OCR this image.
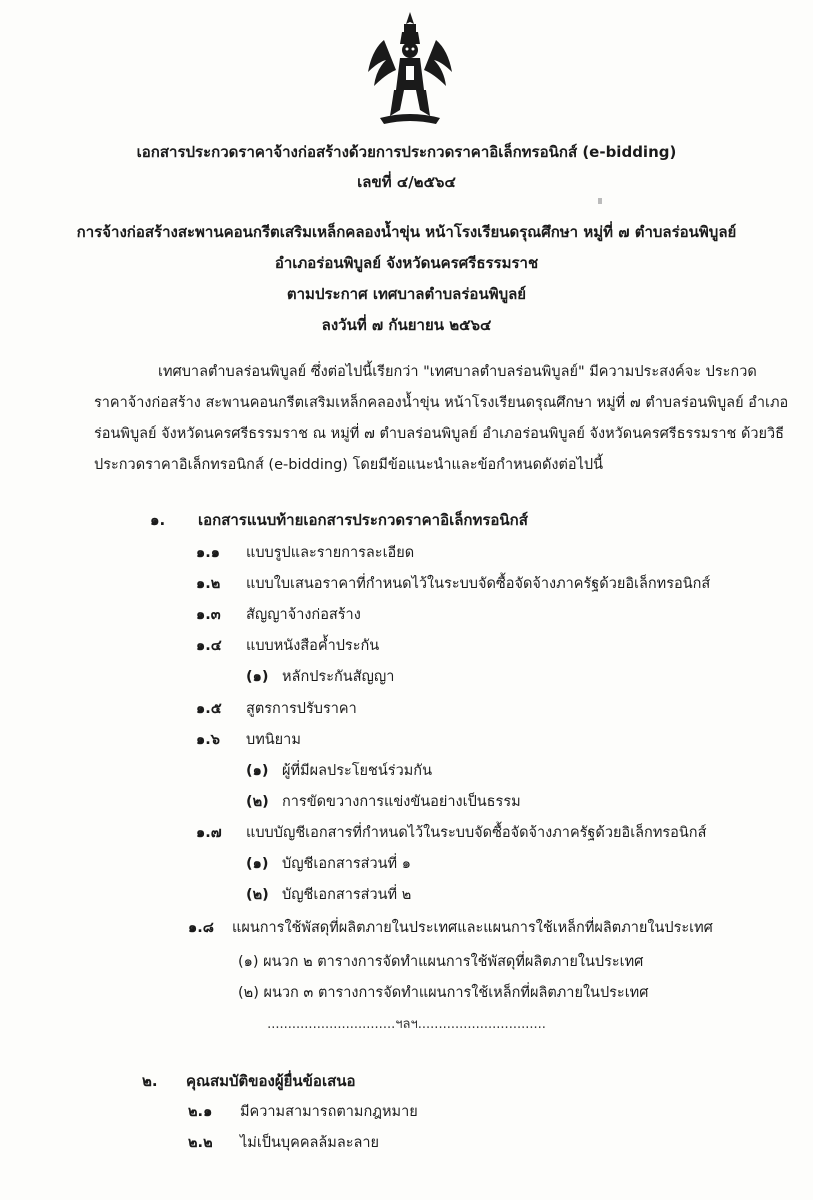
เอกสารประกวดราคาจ้างก่อสร้างด้วยการประกวดราคาอิเล็กทรอนิกส์ (e-bidding)
เลขที่ ๔/๒๕๖๔
การจ้างก่อสร้างสะพานคอนกรีตเสริมเหล็กคลองน้ำขุ่น หน้าโรงเรียนดรุณศึกษา หมู่ที่ ๗ ตำบลร่อนพิบูลย์
อำเภอร่อนพิบูลย์ จังหวัดนครศรีธรรมราช
ตามประกาศ เทศบาลตำบลร่อนพิบูลย์
ลงวันที่ ๗ กันยายน ๒๕๖๔
เทศบาลตำบลร่อนพิบูลย์ ซึ่งต่อไปนี้เรียกว่า "เทศบาลตำบลร่อนพิบูลย์" มีความประสงค์จะ ประกวด
ราคาจ้างก่อสร้าง สะพานคอนกรีตเสริมเหล็กคลองน้ำขุ่น หน้าโรงเรียนดรุณศึกษา หมู่ที่ ๗ ตำบลร่อนพิบูลย์ อำเภอ
ร่อนพิบูลย์ จังหวัดนครศรีธรรมราช ณ หมู่ที่ ๗ ตำบลร่อนพิบูลย์ อำเภอร่อนพิบูลย์ จังหวัดนครศรีธรรมราช ด้วยวิธี
ประกวดราคาอิเล็กทรอนิกส์ (e-bidding) โดยมีข้อแนะนำและข้อกำหนดดังต่อไปนี้
๑. เอกสารแนบท้ายเอกสารประกวดราคาอิเล็กทรอนิกส์
๑.๑ แบบรูปและรายการละเอียด
๑.๒ แบบใบเสนอราคาที่กำหนดไว้ในระบบจัดซื้อจัดจ้างภาครัฐด้วยอิเล็กทรอนิกส์
๑.๓ สัญญาจ้างก่อสร้าง
๑.๔ แบบหนังสือค้ำประกัน
(๑) หลักประกันสัญญา
๑.๕ สูตรการปรับราคา
๑.๖ บทนิยาม
(๑) ผู้ที่มีผลประโยชน์ร่วมกัน
(๒) การขัดขวางการแข่งขันอย่างเป็นธรรม
๑.๗ แบบบัญชีเอกสารที่กำหนดไว้ในระบบจัดซื้อจัดจ้างภาครัฐด้วยอิเล็กทรอนิกส์
(๑) บัญชีเอกสารส่วนที่ ๑
(๒) บัญชีเอกสารส่วนที่ ๒
๑.๘ แผนการใช้พัสดุที่ผลิตภายในประเทศและแผนการใช้เหล็กที่ผลิตภายในประเทศ
(๑) ผนวก ๒ ตารางการจัดทำแผนการใช้พัสดุที่ผลิตภายในประเทศ
(๒) ผนวก ๓ ตารางการจัดทำแผนการใช้เหล็กที่ผลิตภายในประเทศ
...............................ฯลฯ...............................
๒. คุณสมบัติของผู้ยื่นข้อเสนอ
๒.๑ มีความสามารถตามกฎหมาย
๒.๒ ไม่เป็นบุคคลล้มละลาย
